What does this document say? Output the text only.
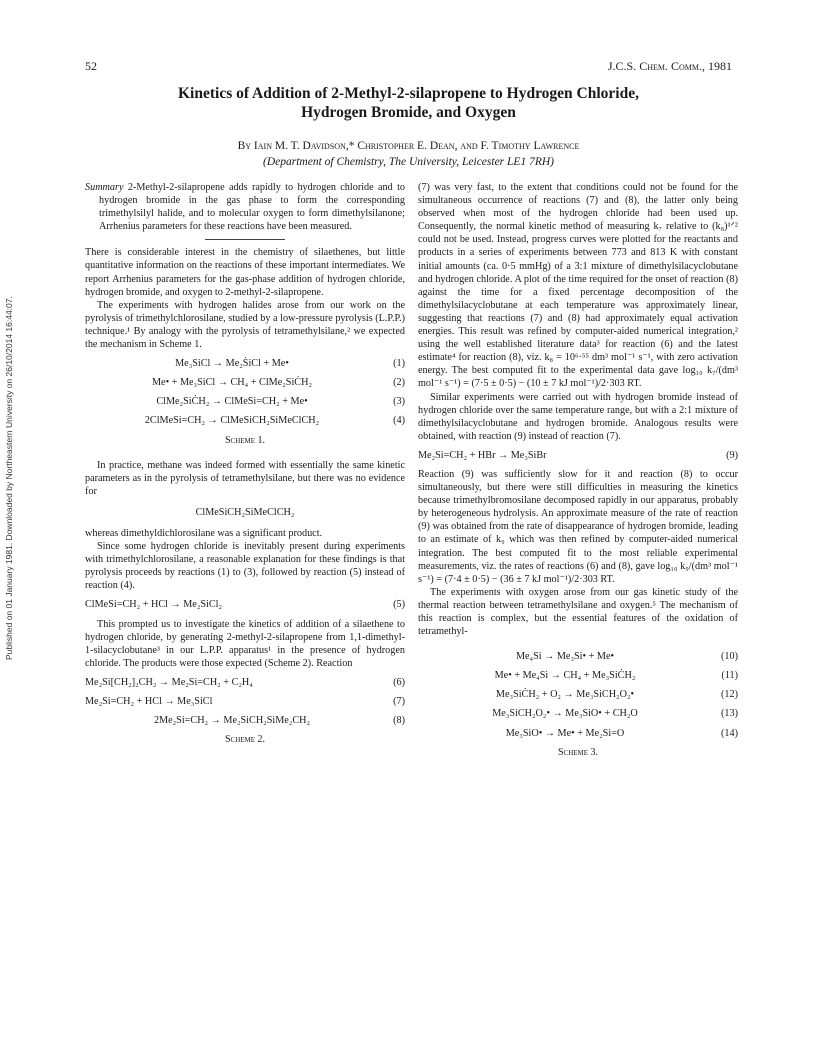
52	J.C.S. Chem. Comm., 1981
Kinetics of Addition of 2-Methyl-2-silapropene to Hydrogen Chloride,
Hydrogen Bromide, and Oxygen
By Iain M. T. Davidson,* Christopher E. Dean, and F. Timothy Lawrence
(Department of Chemistry, The University, Leicester LE1 7RH)
Published on 01 January 1981. Downloaded by Northeastern University on 26/10/2014 16:44:07.

Summary 2-Methyl-2-silapropene adds rapidly to hydrogen chloride and to hydrogen bromide in the gas phase to form the corresponding trimethylsilyl halide, and to molecular oxygen to form dimethylsilanone; Arrhenius parameters for these reactions have been measured.

There is considerable interest in the chemistry of silaethenes, but little quantitative information on the reactions of these important intermediates. We report Arrhenius parameters for the gas-phase addition of hydrogen chloride, hydrogen bromide, and oxygen to 2-methyl-2-silapropene.

The experiments with hydrogen halides arose from our work on the pyrolysis of trimethylchlorosilane, studied by a low-pressure pyrolysis (L.P.P.) technique.¹ By analogy with the pyrolysis of tetramethylsilane,² we expected the mechanism in Scheme 1.

Me₃SiCl → Me₂ṠiCl + Me•	(1)
Me• + Me₃SiCl → CH₄ + ClMe₂SiĊH₂	(2)
ClMe₂SiĊH₂ → ClMeSi=CH₂ + Me•	(3)
2ClMeSi=CH₂ → ClMeSiCH₂SiMeClCH₂	(4)
Scheme 1.

In practice, methane was indeed formed with essentially the same kinetic parameters as in the pyrolysis of tetramethylsilane, but there was no evidence for

ClMeSiCH₂SiMeClCH₂

whereas dimethyldichlorosilane was a significant product.

Since some hydrogen chloride is inevitably present during experiments with trimethylchlorosilane, a reasonable explanation for these findings is that pyrolysis proceeds by reactions (1) to (3), followed by reaction (5) instead of reaction (4).

ClMeSi=CH₂ + HCl → Me₂SiCl₂	(5)

This prompted us to investigate the kinetics of addition of a silaethene to hydrogen chloride, by generating 2-methyl-2-silapropene from 1,1-dimethyl-1-silacyclobutane³ in our L.P.P. apparatus¹ in the presence of hydrogen chloride. The products were those expected (Scheme 2). Reaction

Me₂Si[CH₂]₂CH₂ → Me₂Si=CH₂ + C₂H₄	(6)
Me₂Si=CH₂ + HCl → Me₃SiCl	(7)
2Me₂Si=CH₂ → Me₂SiCH₂SiMe₂CH₂	(8)
Scheme 2.

(7) was very fast, to the extent that conditions could not be found for the simultaneous occurrence of reactions (7) and (8), the latter only being observed when most of the hydrogen chloride had been used up. Consequently, the normal kinetic method of measuring k₇ relative to (k₈)¹ᐟ² could not be used. Instead, progress curves were plotted for the reactants and products in a series of experiments between 773 and 813 K with constant initial amounts (ca. 0·5 mmHg) of a 3:1 mixture of dimethylsilacyclobutane and hydrogen chloride. A plot of the time required for the onset of reaction (8) against the time for a fixed percentage decomposition of the dimethylsilacyclobutane at each temperature was approximately linear, suggesting that reactions (7) and (8) had approximately equal activation energies. This result was refined by computer-aided numerical integration,² using the well established literature data³ for reaction (6) and the latest estimate⁴ for reaction (8), viz. k₈ = 10⁶·⁵⁵ dm³ mol⁻¹ s⁻¹, with zero activation energy. The best computed fit to the experimental data gave log₁₀ k₇/(dm³ mol⁻¹ s⁻¹) = (7·5 ± 0·5) − (10 ± 7 kJ mol⁻¹)/2·303 RT.

Similar experiments were carried out with hydrogen bromide instead of hydrogen chloride over the same temperature range, but with a 2:1 mixture of dimethylsilacyclobutane and hydrogen bromide. Analogous results were obtained, with reaction (9) instead of reaction (7).

Me₂Si=CH₂ + HBr → Me₃SiBr	(9)

Reaction (9) was sufficiently slow for it and reaction (8) to occur simultaneously, but there were still difficulties in measuring the kinetics because trimethylbromosilane decomposed rapidly in our apparatus, probably by heterogeneous hydrolysis. An approximate measure of the rate of reaction (9) was obtained from the rate of disappearance of hydrogen bromide, leading to an estimate of k₉ which was then refined by computer-aided numerical integration. The best computed fit to the most reliable experimental measurements, viz. the rates of reactions (6) and (8), gave log₁₀ k₉/(dm³ mol⁻¹ s⁻¹) = (7·4 ± 0·5) − (36 ± 7 kJ mol⁻¹)/2·303 RT.

The experiments with oxygen arose from our gas kinetic study of the thermal reaction between tetramethylsilane and oxygen.⁵ The mechanism of this reaction is complex, but the essential features of the oxidation of tetramethyl-

Me₄Si → Me₃Si• + Me•	(10)
Me• + Me₄Si → CH₄ + Me₃SiĊH₂	(11)
Me₃SiĊH₂ + O₂ → Me₃SiCH₂O₂•	(12)
Me₃SiCH₂O₂• → Me₃SiO• + CH₂O	(13)
Me₃SiO• → Me• + Me₂Si=O	(14)
Scheme 3.
